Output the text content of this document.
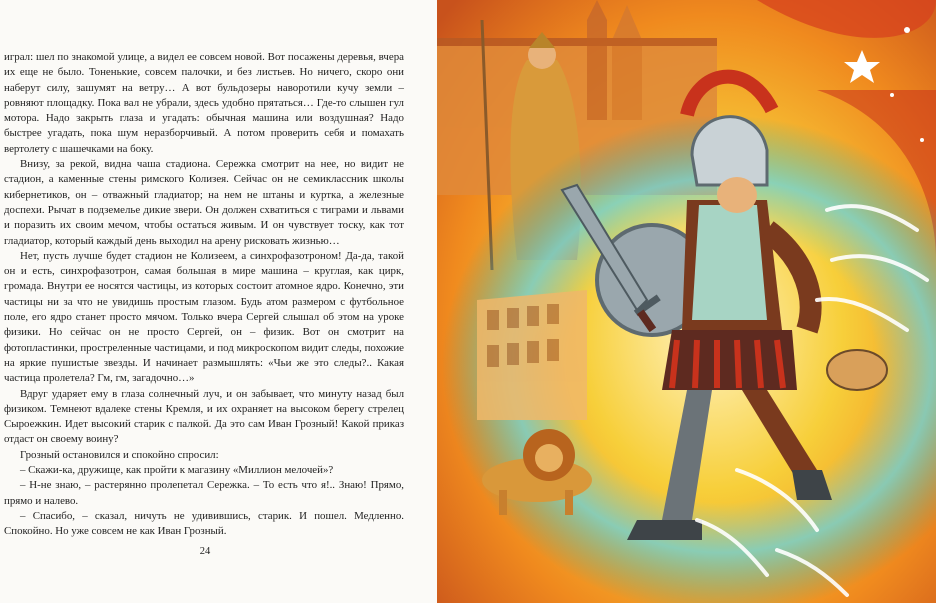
играл: шел по знакомой улице, а видел ее совсем новой. Вот посажены деревья, вчера их еще не было. Тоненькие, совсем палочки, и без листьев. Но ничего, скоро они наберут силу, зашумят на ветру… А вот бульдозеры наворотили кучу земли – ровняют площадку. Пока вал не убрали, здесь удобно прятаться… Где-то слышен гул мотора. Надо закрыть глаза и угадать: обычная машина или воздушная? Надо быстрее угадать, пока шум неразборчивый. А потом проверить себя и помахать вертолету с шашечками на боку.

Внизу, за рекой, видна чаша стадиона. Сережка смотрит на нее, но видит не стадион, а каменные стены римского Колизея. Сейчас он не семиклассник школы кибернетиков, он – отважный гладиатор; на нем не штаны и куртка, а железные доспехи. Рычат в подземелье дикие звери. Он должен схватиться с тиграми и львами и поразить их своим мечом, чтобы остаться живым. И он чувствует тоску, как тот гладиатор, который каждый день выходил на арену рисковать жизнью…

Нет, пусть лучше будет стадион не Колизеем, а синхрофазотроном! Да-да, такой он и есть, синхрофазотрон, самая большая в мире машина – круглая, как цирк, громада. Внутри ее носятся частицы, из которых состоит атомное ядро. Конечно, эти частицы ни за что не увидишь простым глазом. Будь атом размером с футбольное поле, его ядро станет просто мячом. Только вчера Сергей слышал об этом на уроке физики. Но сейчас он не просто Сергей, он – физик. Вот он смотрит на фотопластинки, простреленные частицами, и под микроскопом видит следы, похожие на яркие пушистые звезды. И начинает размышлять: «Чьи же это следы?.. Какая частица пролетела? Гм, гм, загадочно…»

Вдруг ударяет ему в глаза солнечный луч, и он забывает, что минуту назад был физиком. Темнеют вдалеке стены Кремля, и их охраняет на высоком берегу стрелец Сыроежкин. Идет высокий старик с палкой. Да это сам Иван Грозный! Какой приказ отдаст он своему воину?

Грозный остановился и спокойно спросил:

– Скажи-ка, дружище, как пройти к магазину «Миллион мелочей»?

– Н-не знаю, – растерянно пролепетал Сережка. – То есть что я!.. Знаю! Прямо, прямо и налево.

– Спасибо, – сказал, ничуть не удивившись, старик. И пошел. Медленно. Спокойно. Но уже совсем не как Иван Грозный.

24
